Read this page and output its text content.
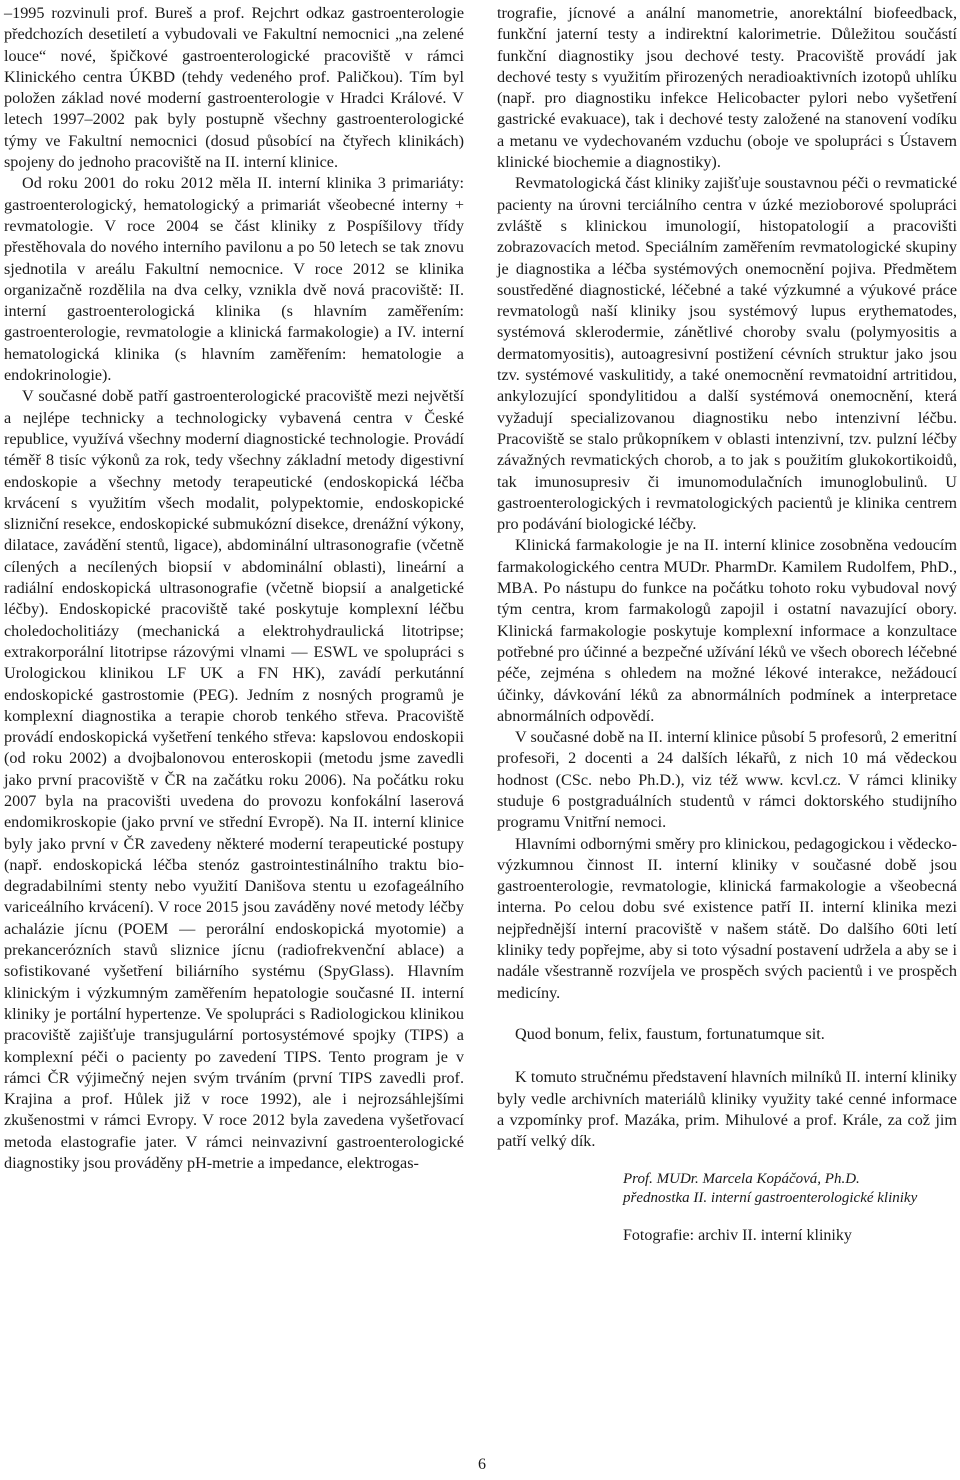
–1995 rozvinuli prof. Bureš a prof. Rejchrt odkaz gastroenterologie předchozích desetiletí a vybudovali ve Fakultní nemocnici „na zelené louce“ nové, špičkové gastroenterologické pracoviště v rámci Klinického centra ÚKBD (tehdy vedeného prof. Paličkou). Tím byl položen základ nové moderní gastroenterologie v Hradci Králové. V letech 1997–2002 pak byly postupně všechny gastroenterologické týmy ve Fakultní nemocnici (dosud působící na čtyřech klinikách) spojeny do jednoho pracoviště na II. interní klinice.

Od roku 2001 do roku 2012 měla II. interní klinika 3 primariáty: gastroenterologický, hematologický a primariát všeobecné interny + revmatologie. V roce 2004 se část kliniky z Pospíšilovy třídy přestěhovala do nového interního pavilonu a po 50 letech se tak znovu sjednotila v areálu Fakultní nemocnice. V roce 2012 se klinika organizačně rozdělila na dva celky, vznikla dvě nová pracoviště: II. interní gastroenterologická klinika (s hlavním zaměřením: gastroenterologie, revmatologie a klinická farmakologie) a IV. interní hematologická klinika (s hlavním zaměřením: hematologie a endokrinologie).

V současné době patří gastroenterologické pracoviště mezi největší a nejlépe technicky a technologicky vybavená centra v České republice, využívá všechny moderní diagnostické technologie. Provádí téměř 8 tisíc výkonů za rok, tedy všechny základní metody digestivní endoskopie a všechny metody terapeutické (endoskopická léčba krvácení s využitím všech modalit, polypektomie, endoskopické slizniční resekce, endoskopické submukózní disekce, drenážní výkony, dilatace, zavádění stentů, ligace), abdominální ultrasonografie (včetně cílených a necílených biopsií v abdominální oblasti), lineární a radiální endoskopická ultrasonografie (včetně biopsií a analgetické léčby). Endoskopické pracoviště také poskytuje komplexní léčbu choledocholitiázy (mechanická a elektrohydraulická litotripse; extrakorporální litotripse rázovými vlnami — ESWL ve spolupráci s Urologickou klinikou LF UK a FN HK), zavádí perkutánní endoskopické gastrostomie (PEG). Jedním z nosných programů je komplexní diagnostika a terapie chorob tenkého střeva. Pracoviště provádí endoskopická vyšetření tenkého střeva: kapslovou endoskopii (od roku 2002) a dvojbalonovou enteroskopii (metodu jsme zavedli jako první pracoviště v ČR na začátku roku 2006). Na počátku roku 2007 byla na pracovišti uvedena do provozu konfokální laserová endomikroskopie (jako první ve střední Evropě). Na II. interní klinice byly jako první v ČR zavedeny některé moderní terapeutické postupy (např. endoskopická léčba stenóz gastrointestinálního traktu bio-degradabilními stenty nebo využití Danišova stentu u ezofageálního variceálního krvácení). V roce 2015 jsou zaváděny nové metody léčby achalázie jícnu (POEM — perorální endoskopická myotomie) a prekancerózních stavů sliznice jícnu (radiofrekvenční ablace) a sofistikované vyšetření biliárního systému (SpyGlass). Hlavním klinickým i výzkumným zaměřením hepatologie současné II. interní kliniky je portální hypertenze. Ve spolupráci s Radiologickou klinikou pracoviště zajišťuje transjugulární portosystémové spojky (TIPS) a komplexní péči o pacienty po zavedení TIPS. Tento program je v rámci ČR výjimečný nejen svým trváním (první TIPS zavedli prof. Krajina a prof. Hůlek již v roce 1992), ale i nejrozsáhlejšími zkušenostmi v rámci Evropy. V roce 2012 byla zavedena vyšetřovací metoda elastografie jater. V rámci neinvazivní gastroenterologické diagnostiky jsou prováděny pH-metrie a impedance, elektrogas-

trografie, jícnové a anální manometrie, anorektální biofeedback, funkční jaterní testy a indirektní kalorimetrie. Důležitou součástí funkční diagnostiky jsou dechové testy. Pracoviště provádí jak dechové testy s využitím přirozených neradioaktivních izotopů uhlíku (např. pro diagnostiku infekce Helicobacter pylori nebo vyšetření gastrické evakuace), tak i dechové testy založené na stanovení vodíku a metanu ve vydechovaném vzduchu (oboje ve spolupráci s Ústavem klinické biochemie a diagnostiky).

Revmatologická část kliniky zajišťuje soustavnou péči o revmatické pacienty na úrovni terciálního centra v úzké mezioborové spolupráci zvláště s klinickou imunologií, histopatologií a pracovišti zobrazovacích metod. Speciálním zaměřením revmatologické skupiny je diagnostika a léčba systémových onemocnění pojiva. Předmětem soustředěné diagnostické, léčebné a také výzkumné a výukové práce revmatologů naší kliniky jsou systémový lupus erythematodes, systémová sklerodermie, zánětlivé choroby svalu (polymyositis a dermatomyositis), autoagresivní postižení cévních struktur jako jsou tzv. systémové vaskulitidy, a také onemocnění revmatoidní artritidou, ankylozující spondylitidou a další systémová onemocnění, která vyžadují specializovanou diagnostiku nebo intenzivní léčbu. Pracoviště se stalo průkopníkem v oblasti intenzivní, tzv. pulzní léčby závažných revmatických chorob, a to jak s použitím glukokortikoidů, tak imunosupresiv či imunomodulačních imunoglobulinů. U gastroenterologických i revmatologických pacientů je klinika centrem pro podávání biologické léčby.

Klinická farmakologie je na II. interní klinice zosobněna vedoucím farmakologického centra MUDr. PharmDr. Kamilem Rudolfem, PhD., MBA. Po nástupu do funkce na počátku tohoto roku vybudoval nový tým centra, krom farmakologů zapojil i ostatní navazující obory. Klinická farmakologie poskytuje komplexní informace a konzultace potřebné pro účinné a bezpečné užívání léků ve všech oborech léčebné péče, zejména s ohledem na možné lékové interakce, nežádoucí účinky, dávkování léků za abnormálních podmínek a interpretace abnormálních odpovědí.

V současné době na II. interní klinice působí 5 profesorů, 2 emeritní profesoři, 2 docenti a 24 dalších lékařů, z nich 10 má vědeckou hodnost (CSc. nebo Ph.D.), viz též www. kcvl.cz. V rámci kliniky studuje 6 postgraduálních studentů v rámci doktorského studijního programu Vnitřní nemoci.

Hlavními odbornými směry pro klinickou, pedagogickou i vědecko-výzkumnou činnost II. interní kliniky v současné době jsou gastroenterologie, revmatologie, klinická farmakologie a všeobecná interna. Po celou dobu své existence patří II. interní klinika mezi nejpřednější interní pracoviště v našem státě. Do dalšího 60ti letí kliniky tedy popřejme, aby si toto výsadní postavení udržela a aby se i nadále všestranně rozvíjela ve prospěch svých pacientů i ve prospěch medicíny.

Quod bonum, felix, faustum, fortunatumque sit.

K tomuto stručnému představení hlavních milníků II. interní kliniky byly vedle archivních materiálů kliniky využity také cenné informace a vzpomínky prof. Mazáka, prim. Mihulové a prof. Krále, za což jim patří velký dík.

Prof. MUDr. Marcela Kopáčová, Ph.D.
přednostka II. interní gastroenterologické kliniky
Fotografie: archiv II. interní kliniky
6
